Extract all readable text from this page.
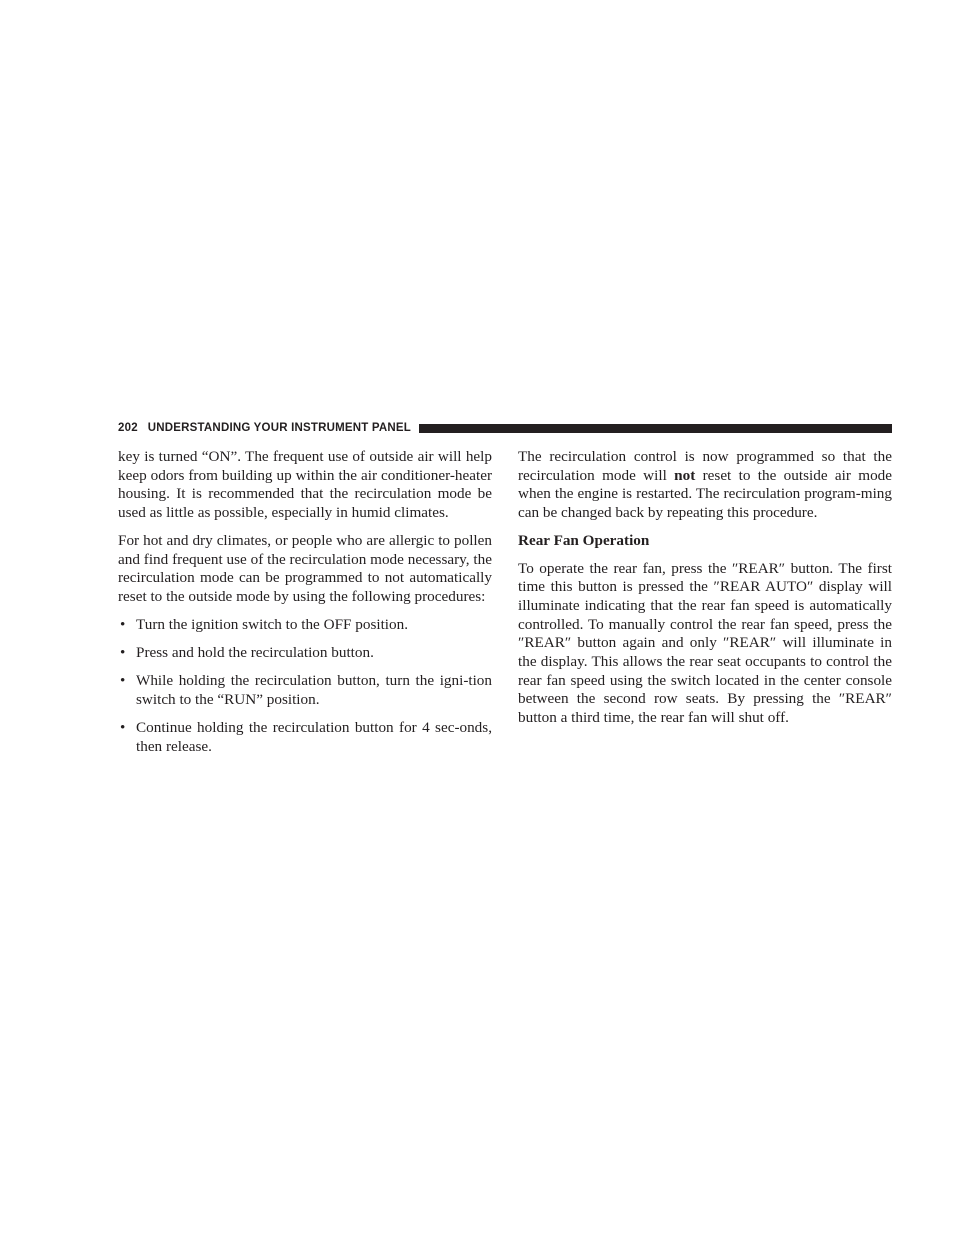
202 UNDERSTANDING YOUR INSTRUMENT PANEL

key is turned “ON”. The frequent use of outside air will help keep odors from building up within the air conditioner-heater housing. It is recommended that the recirculation mode be used as little as possible, especially in humid climates.

For hot and dry climates, or people who are allergic to pollen and find frequent use of the recirculation mode necessary, the recirculation mode can be programmed to not automatically reset to the outside mode by using the following procedures:

• Turn the ignition switch to the OFF position.
• Press and hold the recirculation button.
• While holding the recirculation button, turn the igni-tion switch to the “RUN” position.
• Continue holding the recirculation button for 4 sec-onds, then release.

The recirculation control is now programmed so that the recirculation mode will not reset to the outside air mode when the engine is restarted. The recirculation program-ming can be changed back by repeating this procedure.

Rear Fan Operation

To operate the rear fan, press the ″REAR″ button. The first time this button is pressed the ″REAR AUTO″ display will illuminate indicating that the rear fan speed is automatically controlled. To manually control the rear fan speed, press the ″REAR″ button again and only ″REAR″ will illuminate in the display. This allows the rear seat occupants to control the rear fan speed using the switch located in the center console between the second row seats. By pressing the ″REAR″ button a third time, the rear fan will shut off.
